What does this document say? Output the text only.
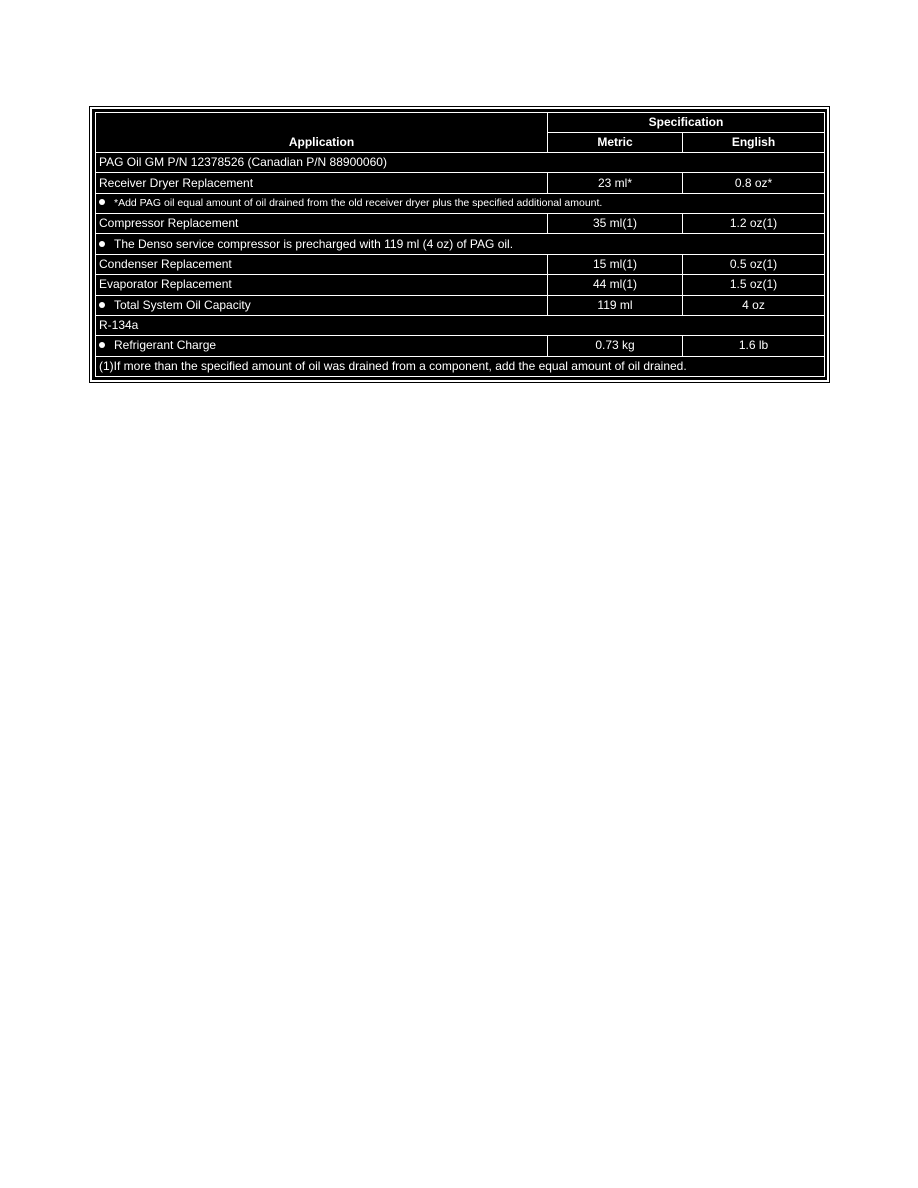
Application	Specification	
	Metric	English
PAG Oil GM P/N 12378526 (Canadian P/N 88900060)		
Receiver Dryer Replacement	23 ml*	0.8 oz*
*Add PAG oil equal amount of oil drained from the old receiver dryer plus the specified additional amount.		
Compressor Replacement	35 ml(1)	1.2 oz(1)
The Denso service compressor is precharged with 119 ml (4 oz) of PAG oil.		
Condenser Replacement	15 ml(1)	0.5 oz(1)
Evaporator Replacement	44 ml(1)	1.5 oz(1)
Total System Oil Capacity	119 ml	4 oz
R-134a		
Refrigerant Charge	0.73 kg	1.6 lb
(1)If more than the specified amount of oil was drained from a component, add the equal amount of oil drained.		
